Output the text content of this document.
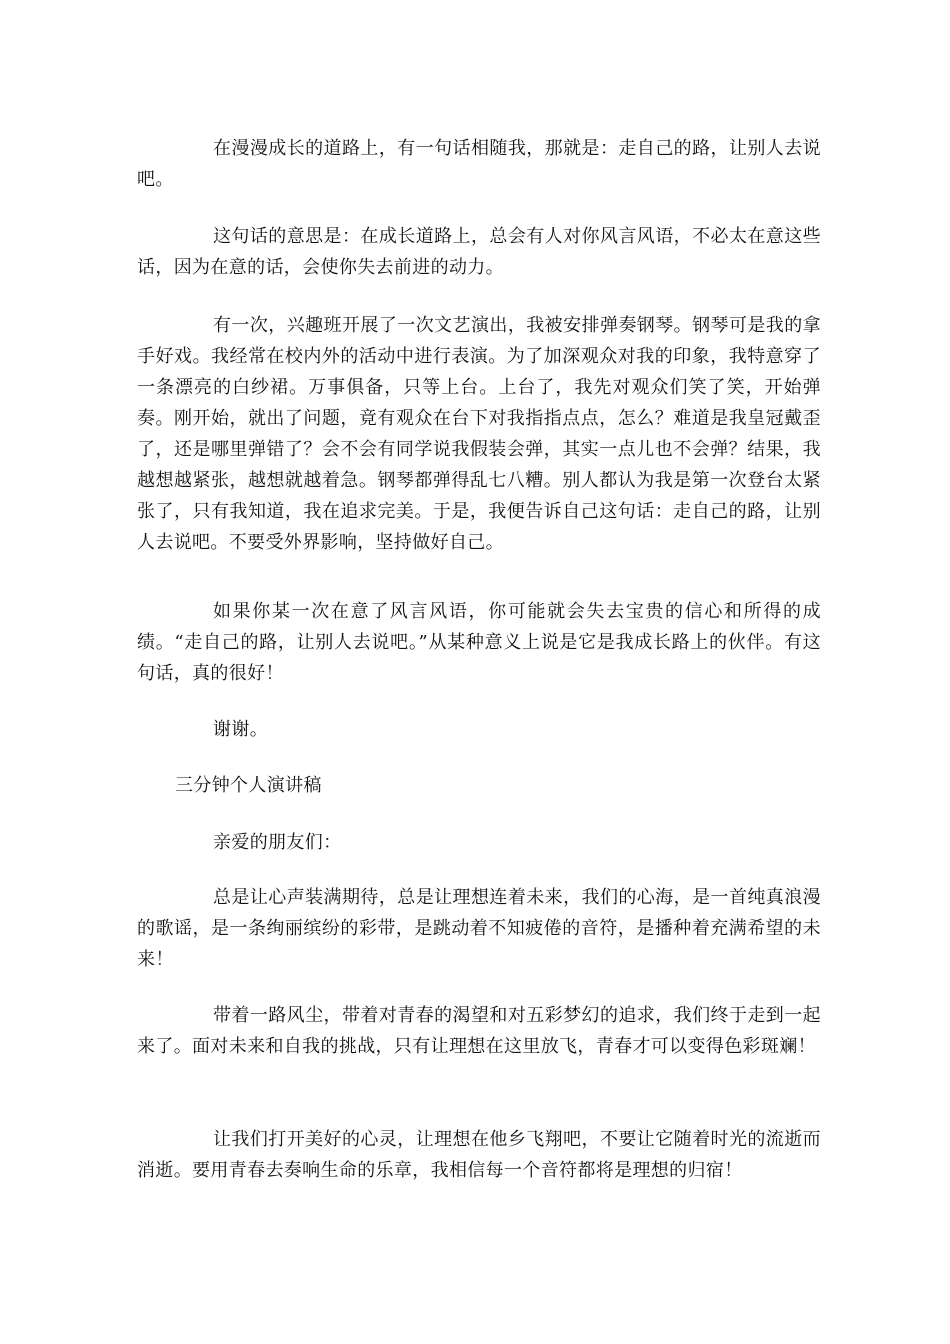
在漫漫成长的道路上，有一句话相随我，那就是：走自己的路，让别人去说吧。

这句话的意思是：在成长道路上，总会有人对你风言风语，不必太在意这些话，因为在意的话，会使你失去前进的动力。

有一次，兴趣班开展了一次文艺演出，我被安排弹奏钢琴。钢琴可是我的拿手好戏。我经常在校内外的活动中进行表演。为了加深观众对我的印象，我特意穿了一条漂亮的白纱裙。万事俱备，只等上台。上台了，我先对观众们笑了笑，开始弹奏。刚开始，就出了问题，竟有观众在台下对我指指点点，怎么？难道是我皇冠戴歪了，还是哪里弹错了？会不会有同学说我假装会弹，其实一点儿也不会弹？结果，我越想越紧张，越想就越着急。钢琴都弹得乱七八糟。别人都认为我是第一次登台太紧张了，只有我知道，我在追求完美。于是，我便告诉自己这句话：走自己的路，让别人去说吧。不要受外界影响，坚持做好自己。

如果你某一次在意了风言风语，你可能就会失去宝贵的信心和所得的成绩。“走自己的路，让别人去说吧。”从某种意义上说是它是我成长路上的伙伴。有这句话，真的很好！

谢谢。

三分钟个人演讲稿

亲爱的朋友们：

总是让心声装满期待，总是让理想连着未来，我们的心海，是一首纯真浪漫的歌谣，是一条绚丽缤纷的彩带，是跳动着不知疲倦的音符，是播种着充满希望的未来！

带着一路风尘，带着对青春的渴望和对五彩梦幻的追求，我们终于走到一起来了。面对未来和自我的挑战，只有让理想在这里放飞，青春才可以变得色彩斑斓！

让我们打开美好的心灵，让理想在他乡飞翔吧，不要让它随着时光的流逝而消逝。要用青春去奏响生命的乐章，我相信每一个音符都将是理想的归宿！
